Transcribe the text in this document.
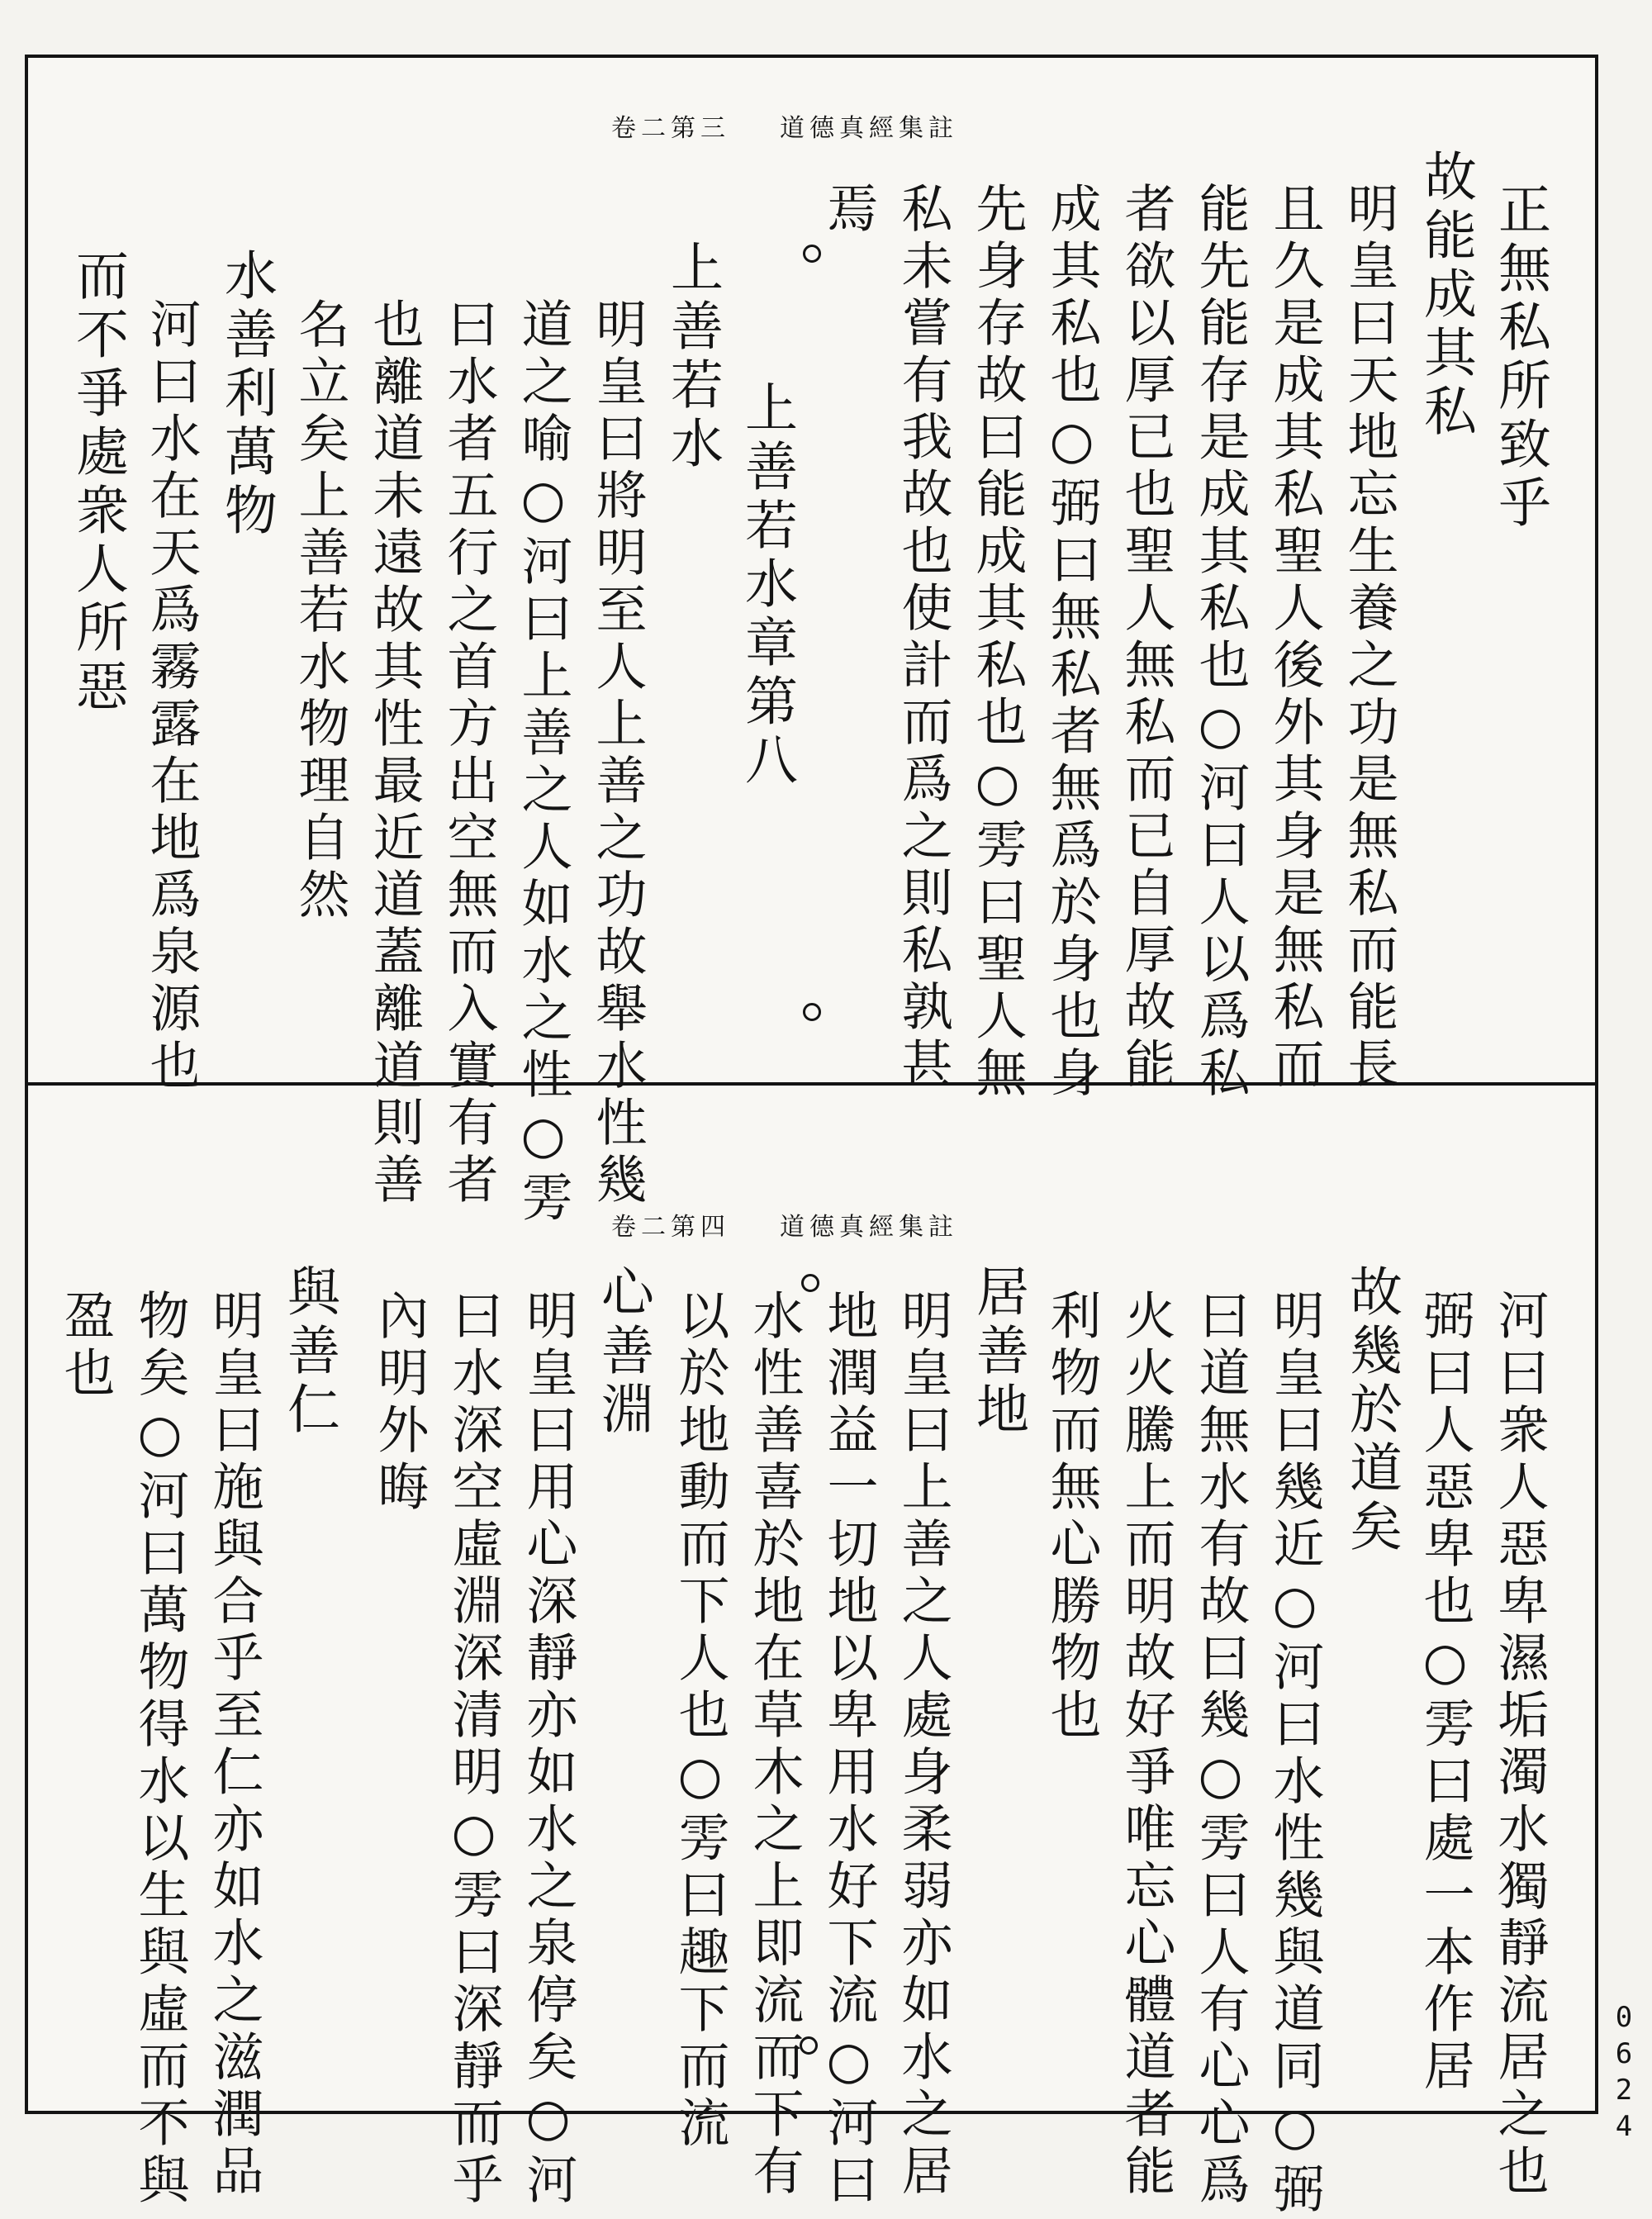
道德真經集註
卷二第三
正無私所致乎
故能成其私
明皇曰天地忘生養之功是無私而能長
且久是成其私聖人後外其身是無私而
能先能存是成其私也○河曰人以爲私
者欲以厚已也聖人無私而已自厚故能
成其私也○弼曰無私者無爲於身也身
先身存故曰能成其私也○雱曰聖人無
私未嘗有我故也使計而爲之則私孰甚
焉
上善若水章第八
上善若水
明皇曰將明至人上善之功故舉水性幾
道之喻○河曰上善之人如水之性○雱
曰水者五行之首方出空無而入實有者
也離道未遠故其性最近道蓋離道則善
名立矣上善若水物理自然
水善利萬物
河曰水在天爲霧露在地爲泉源也
而不爭處衆人所惡
道德真經集註
卷二第四
河曰衆人惡卑濕垢濁水獨靜流居之也
弼曰人惡卑也○雱曰處一本作居
故幾於道矣
明皇曰幾近○河曰水性幾與道同○弼
曰道無水有故曰幾○雱曰人有心心爲
火火騰上而明故好爭唯忘心體道者能
利物而無心勝物也
居善地
明皇曰上善之人處身柔弱亦如水之居
地潤益一切地以卑用水好下流○河曰
水性善喜於地在草木之上即流而下有
以於地動而下人也○雱曰趣下而流
心善淵
明皇曰用心深靜亦如水之泉停矣○河
曰水深空虛淵深清明○雱曰深靜而乎
內明外晦
與善仁
明皇曰施與合乎至仁亦如水之滋潤品
物矣○河曰萬物得水以生與虛而不與
盈也
0
6
2
4
